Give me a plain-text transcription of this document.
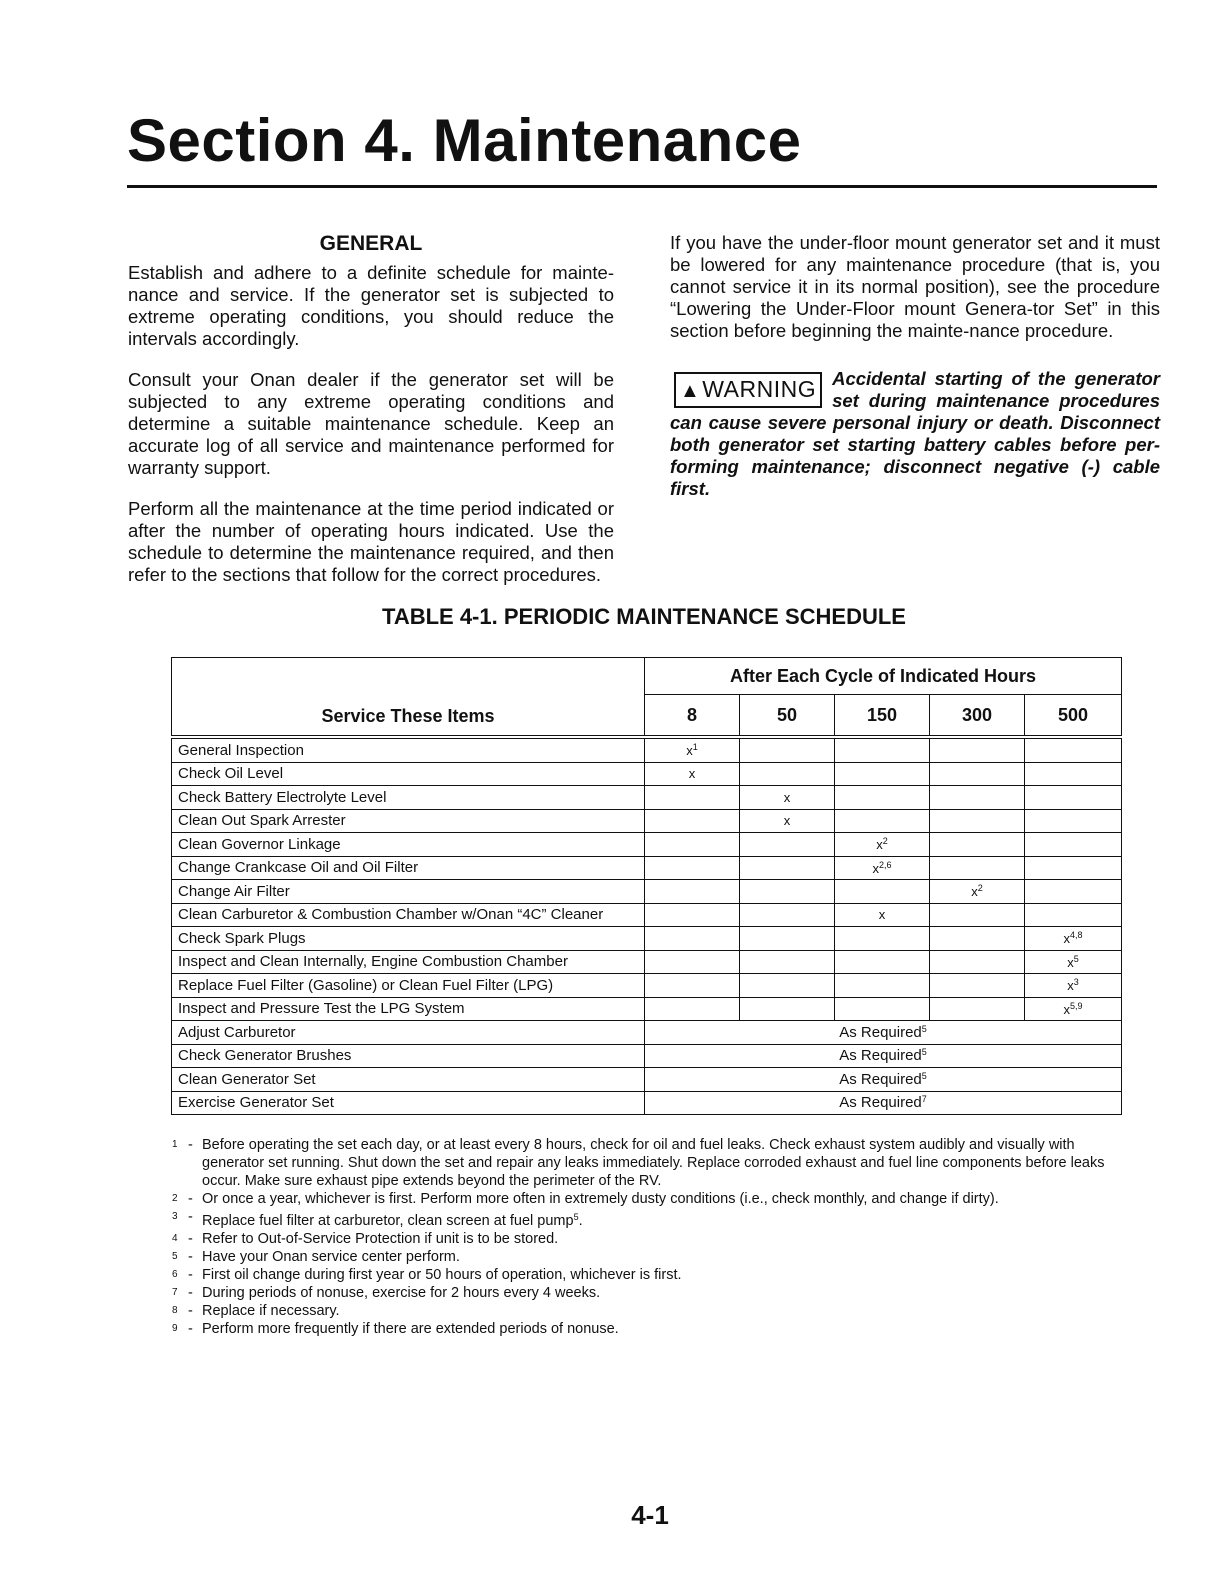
Section 4. Maintenance

GENERAL

Establish and adhere to a definite schedule for mainte-nance and service. If the generator set is subjected to extreme operating conditions, you should reduce the intervals accordingly.

Consult your Onan dealer if the generator set will be subjected to any extreme operating conditions and determine a suitable maintenance schedule. Keep an accurate log of all service and maintenance performed for warranty support.

Perform all the maintenance at the time period indicated or after the number of operating hours indicated. Use the schedule to determine the maintenance required, and then refer to the sections that follow for the correct procedures.

If you have the under-floor mount generator set and it must be lowered for any maintenance procedure (that is, you cannot service it in its normal position), see the procedure “Lowering the Under-Floor mount Genera-tor Set” in this section before beginning the mainte-nance procedure.

▲WARNING Accidental starting of the generator set during maintenance procedures can cause severe personal injury or death. Disconnect both generator set starting battery cables before per-forming maintenance; disconnect negative (-) cable first.

TABLE 4-1. PERIODIC MAINTENANCE SCHEDULE

Service These Items	After Each Cycle of Indicated Hours				
	8	50	150	300	500
General Inspection	$x^1$				
Check Oil Level	x				
Check Battery Electrolyte Level		x			
Clean Out Spark Arrester		x			
Clean Governor Linkage			$x^2$		
Change Crankcase Oil and Oil Filter			$x^{2,6}$		
Change Air Filter				$x^2$	
Clean Carburetor & Combustion Chamber w/Onan “4C” Cleaner			x		
Check Spark Plugs					$x^{4,8}$
Inspect and Clean Internally, Engine Combustion Chamber					$x^5$
Replace Fuel Filter (Gasoline) or Clean Fuel Filter (LPG)					$x^3$
Inspect and Pressure Test the LPG System					$x^{5,9}$
Adjust Carburetor	As Required$^5$
Check Generator Brushes	As Required$^5$
Clean Generator Set	As Required$^5$
Exercise Generator Set	As Required$^7$

1 - Before operating the set each day, or at least every 8 hours, check for oil and fuel leaks. Check exhaust system audibly and visually with generator set running. Shut down the set and repair any leaks immediately. Replace corroded exhaust and fuel line components before leaks occur. Make sure exhaust pipe extends beyond the perimeter of the RV.

2 - Or once a year, whichever is first. Perform more often in extremely dusty conditions (i.e., check monthly, and change if dirty).

3 - Replace fuel filter at carburetor, clean screen at fuel pump$^5$.

4 - Refer to Out-of-Service Protection if unit is to be stored.

5 - Have your Onan service center perform.

6 - First oil change during first year or 50 hours of operation, whichever is first.

7 - During periods of nonuse, exercise for 2 hours every 4 weeks.

8 - Replace if necessary.

9 - Perform more frequently if there are extended periods of nonuse.

4-1
